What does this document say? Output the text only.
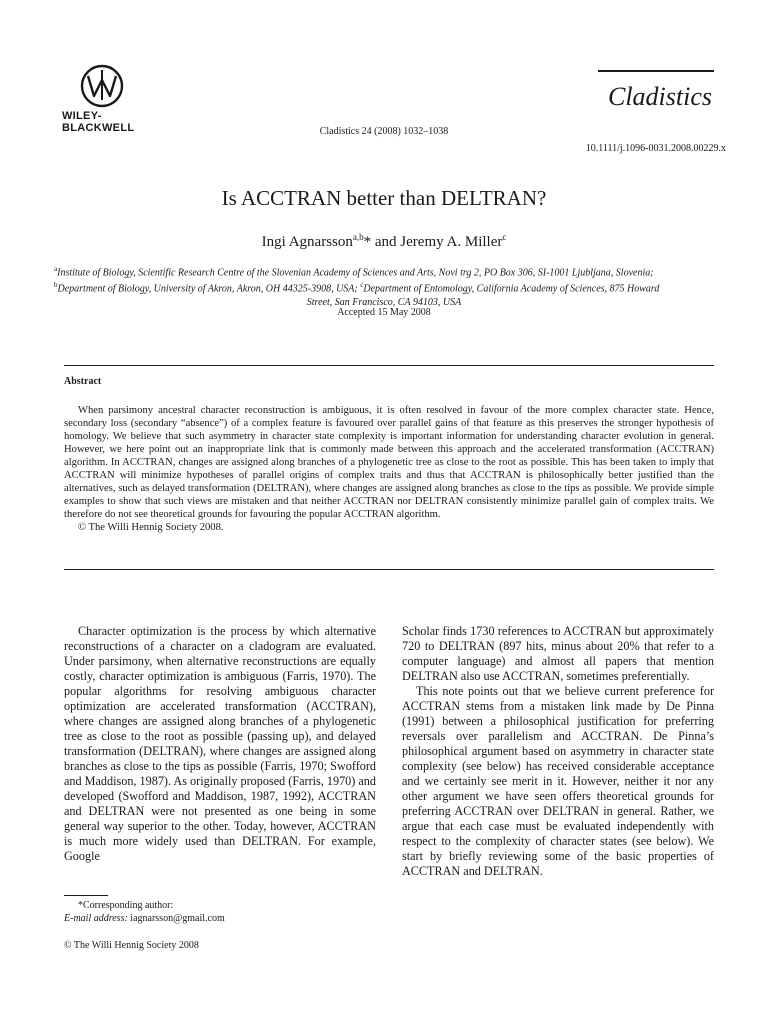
WILEY-
BLACKWELL
Cladistics
Cladistics 24 (2008) 1032–1038
10.1111/j.1096-0031.2008.00229.x
Is ACCTRAN better than DELTRAN?
Ingi Agnarsson$^{a,b}$* and Jeremy A. Miller$^c$
$^a$Institute of Biology, Scientific Research Centre of the Slovenian Academy of Sciences and Arts, Novi trg 2, PO Box 306, SI-1001 Ljubljana, Slovenia;
$^b$Department of Biology, University of Akron, Akron, OH 44325-3908, USA; $^c$Department of Entomology, California Academy of Sciences, 875 Howard
Street, San Francisco, CA 94103, USA
Accepted 15 May 2008
Abstract

When parsimony ancestral character reconstruction is ambiguous, it is often resolved in favour of the more complex character state. Hence, secondary loss (secondary “absence”) of a complex feature is favoured over parallel gains of that feature as this preserves the stronger hypothesis of homology. We believe that such asymmetry in character state complexity is important information for understanding character evolution in general. However, we here point out an inappropriate link that is commonly made between this approach and the accelerated transformation (ACCTRAN) algorithm. In ACCTRAN, changes are assigned along branches of a phylogenetic tree as close to the root as possible. This has been taken to imply that ACCTRAN will minimize hypotheses of parallel origins of complex traits and thus that ACCTRAN is philosophically better justified than the alternatives, such as delayed transformation (DELTRAN), where changes are assigned along branches as close to the tips as possible. We provide simple examples to show that such views are mistaken and that neither ACCTRAN nor DELTRAN consistently minimize parallel gain of complex traits. We therefore do not see theoretical grounds for favouring the popular ACCTRAN algorithm.

© The Willi Hennig Society 2008.

Character optimization is the process by which alternative reconstructions of a character on a cladogram are evaluated. Under parsimony, when alternative reconstructions are equally costly, character optimization is ambiguous (Farris, 1970). The popular algorithms for resolving ambiguous character optimization are accelerated transformation (ACCTRAN), where changes are assigned along branches of a phylogenetic tree as close to the root as possible (passing up), and delayed transformation (DELTRAN), where changes are assigned along branches as close to the tips as possible (Farris, 1970; Swofford and Maddison, 1987). As originally proposed (Farris, 1970) and developed (Swofford and Maddison, 1987, 1992), ACCTRAN and DELTRAN were not presented as one being in some general way superior to the other. Today, however, ACCTRAN is much more widely used than DELTRAN. For example, Google

Scholar finds 1730 references to ACCTRAN but approximately 720 to DELTRAN (897 hits, minus about 20% that refer to a computer language) and almost all papers that mention DELTRAN also use ACCTRAN, sometimes preferentially.

This note points out that we believe current preference for ACCTRAN stems from a mistaken link made by De Pinna (1991) between a philosophical justification for preferring reversals over parallelism and ACCTRAN. De Pinna’s philosophical argument based on asymmetry in character state complexity (see below) has received considerable acceptance and we certainly see merit in it. However, neither it nor any other argument we have seen offers theoretical grounds for preferring ACCTRAN over DELTRAN in general. Rather, we argue that each case must be evaluated independently with respect to the complexity of character states (see below). We start by briefly reviewing some of the basic properties of ACCTRAN and DELTRAN.

*Corresponding author:
E-mail address: iagnarsson@gmail.com
© The Willi Hennig Society 2008
